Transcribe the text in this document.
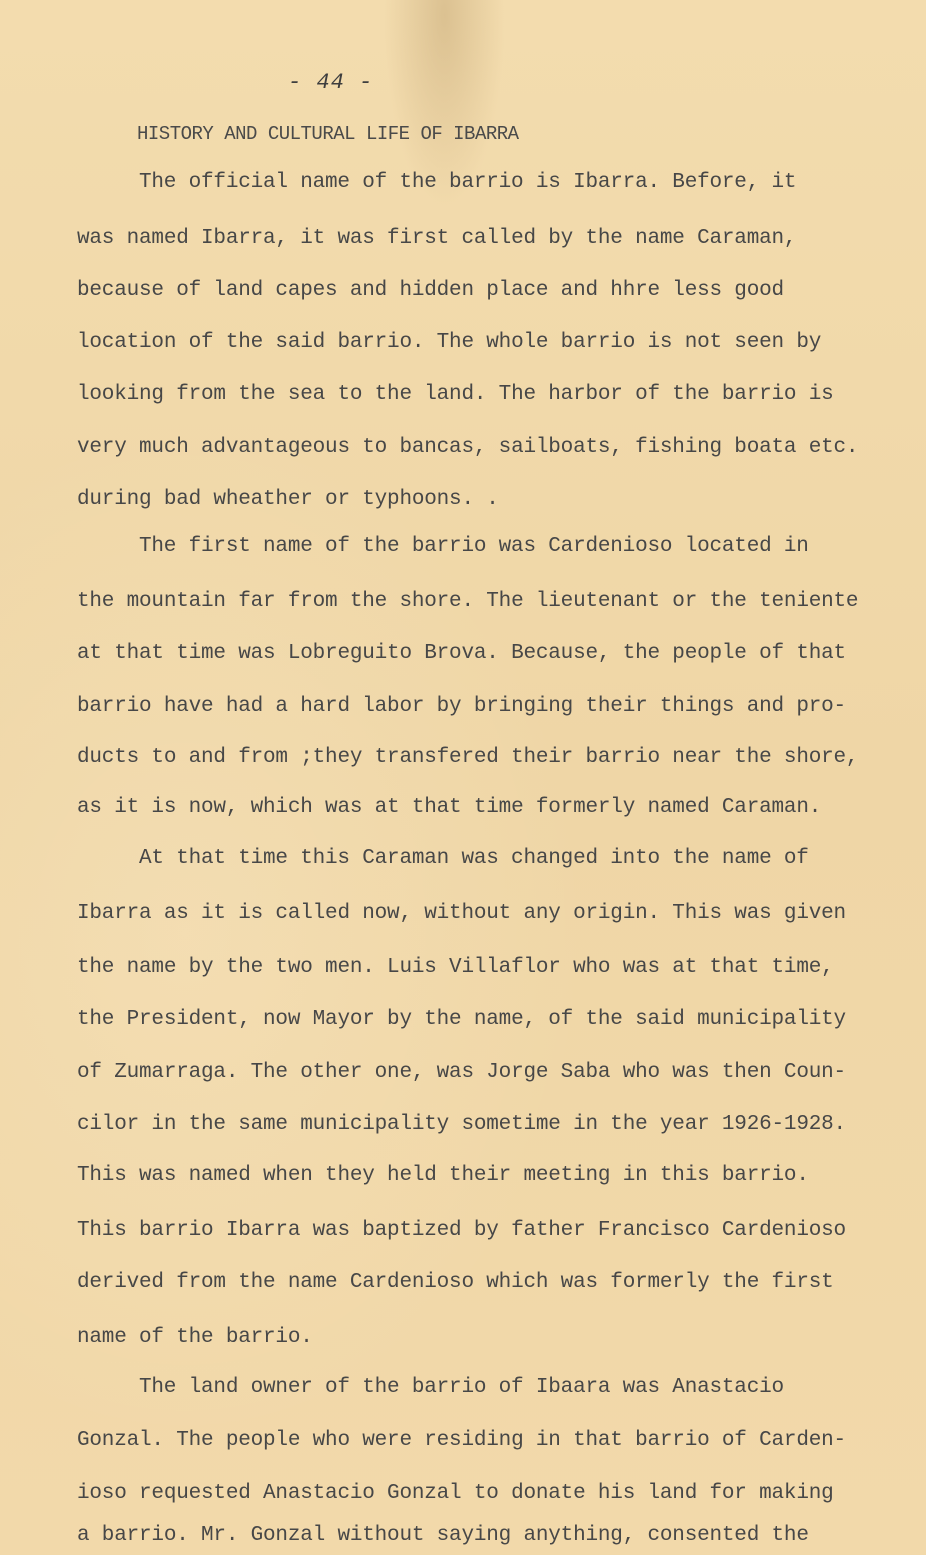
- 44 -
HISTORY AND CULTURAL LIFE OF IBARRA
The official name of the barrio is Ibarra. Before, it
was named Ibarra, it was first called by the name Caraman,
because of land capes and hidden place and hhre less good
location of the said barrio. The whole barrio is not seen by
looking from the sea to the land. The harbor of the barrio is
very much advantageous to bancas, sailboats, fishing boata etc.
during bad wheather or typhoons. .
The first name of the barrio was Cardenioso located in
the mountain far from the shore. The lieutenant or the teniente
at that time was Lobreguito Brova. Because, the people of that
barrio have had a hard labor by bringing their things and pro-
ducts to and from ;they transfered their barrio near the shore,
as it is now, which was at that time formerly named Caraman.
At that time this Caraman was changed into the name of
Ibarra as it is called now, without any origin. This was given
the name by the two men. Luis Villaflor who was at that time,
the President, now Mayor by the name, of the said municipality
of Zumarraga. The other one, was Jorge Saba who was then Coun-
cilor in the same municipality sometime in the year 1926-1928.
This was named when they held their meeting in this barrio.
This barrio Ibarra was baptized by father Francisco Cardenioso
derived from the name Cardenioso which was formerly the first
name of the barrio.
The land owner of the barrio of Ibaara was Anastacio
Gonzal. The people who were residing in that barrio of Carden-
ioso requested Anastacio Gonzal to donate his land for making
a barrio. Mr. Gonzal without saying anything, consented the
